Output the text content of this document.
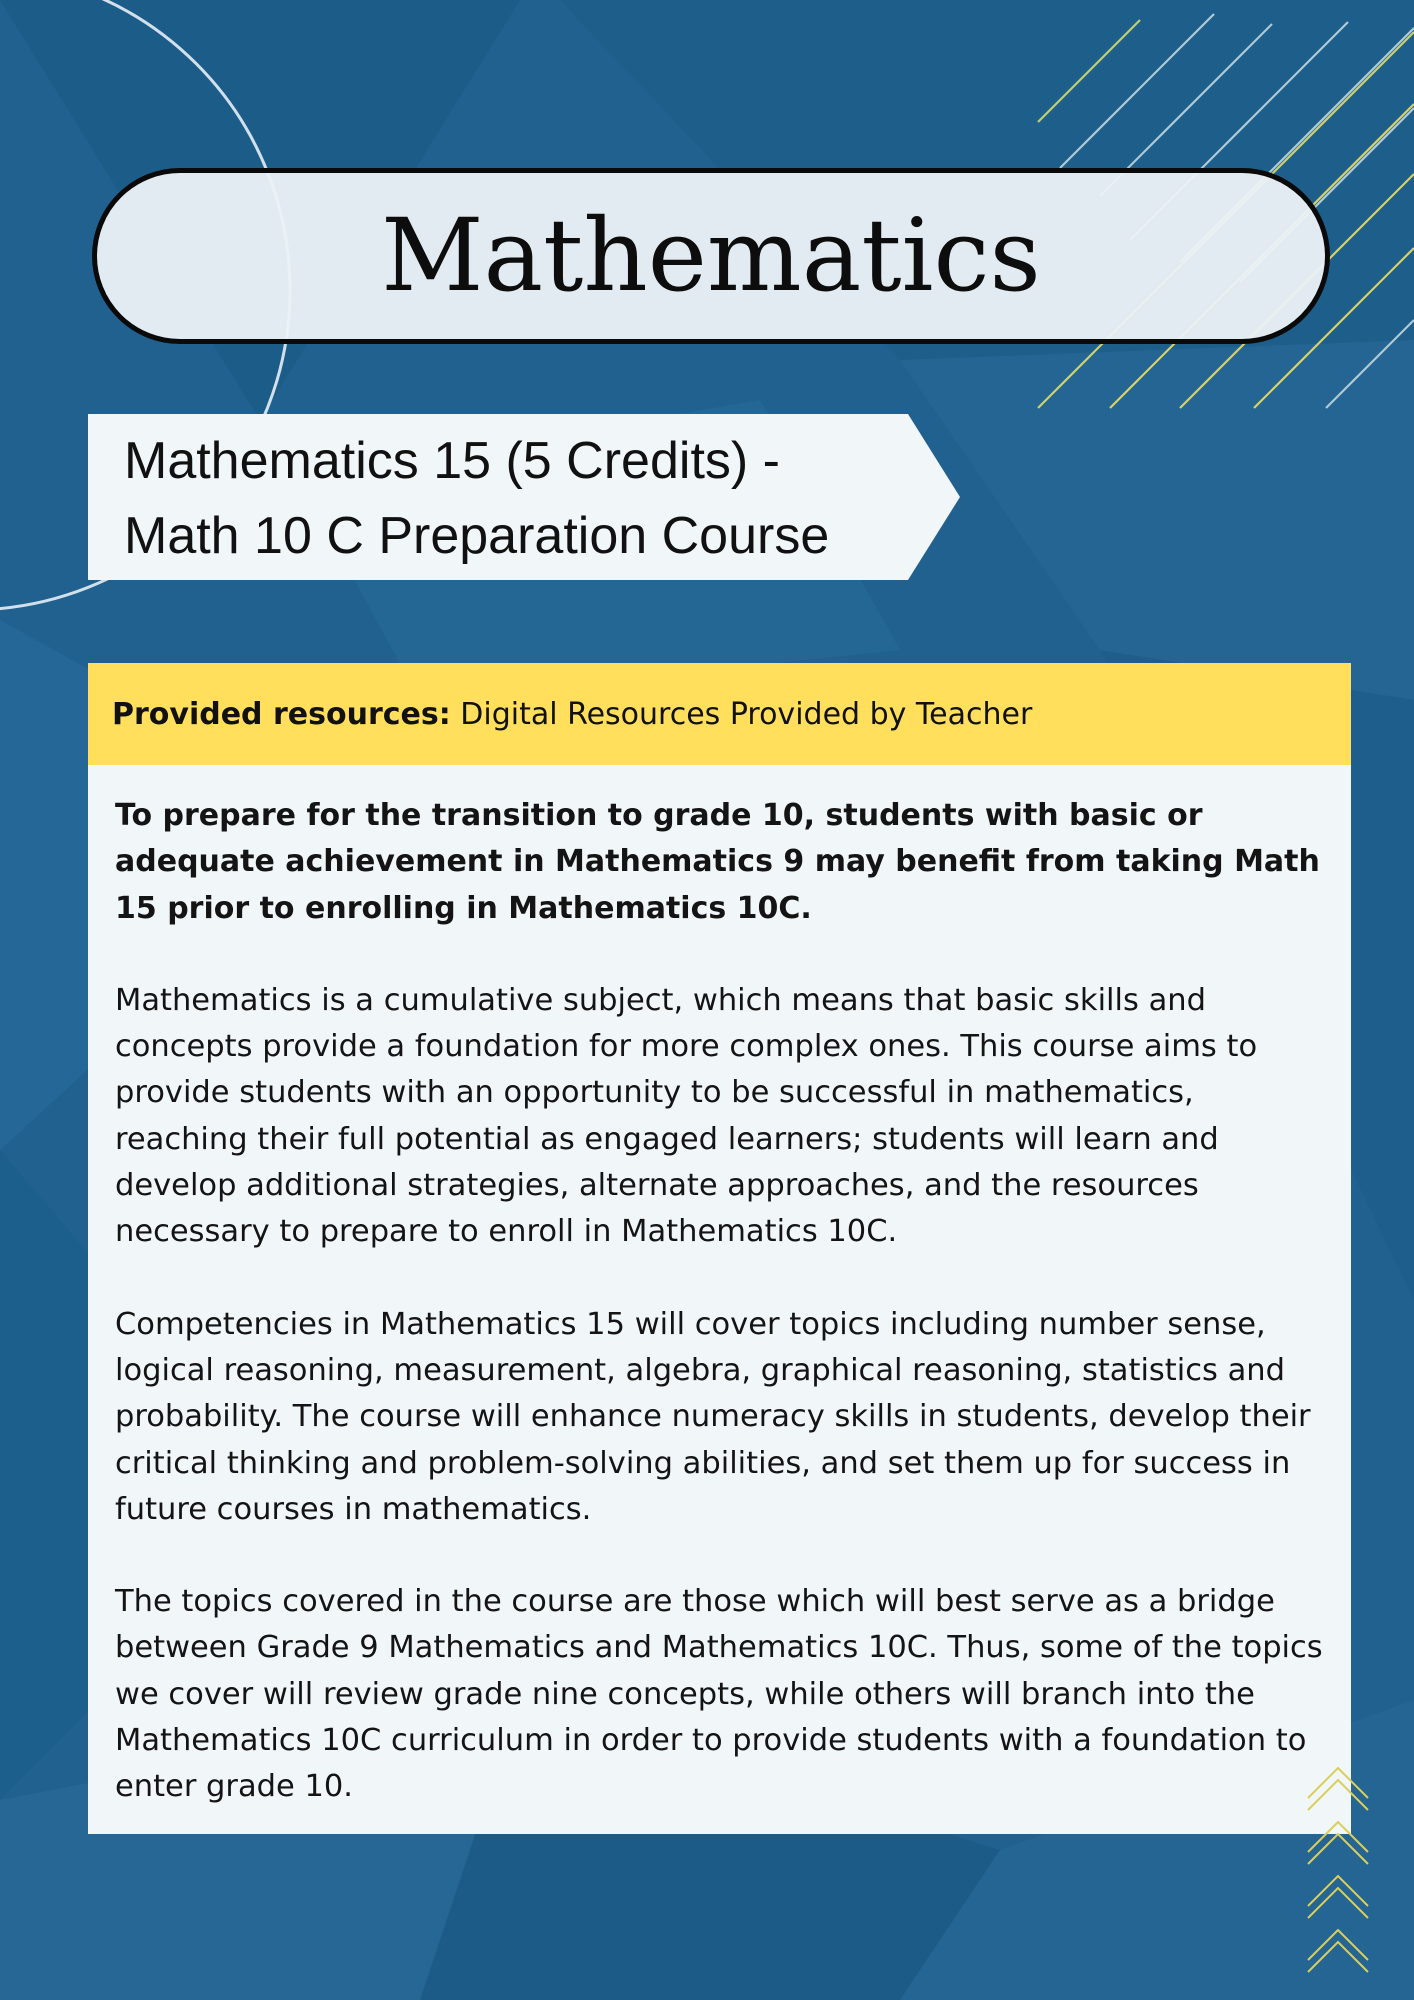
Mathematics
Mathematics 15 (5 Credits) -
Math 10 C Preparation Course
Provided resources:
Digital Resources Provided by Teacher

To prepare for the transition to grade 10, students with basic or adequate achievement in Mathematics 9 may benefit from taking Math 15 prior to enrolling in Mathematics 10C.

Mathematics is a cumulative subject, which means that basic skills and concepts provide a foundation for more complex ones. This course aims to provide students with an opportunity to be successful in mathematics, reaching their full potential as engaged learners; students will learn and develop additional strategies, alternate approaches, and the resources necessary to prepare to enroll in Mathematics 10C.

Competencies in Mathematics 15 will cover topics including number sense, logical reasoning, measurement, algebra, graphical reasoning, statistics and probability. The course will enhance numeracy skills in students, develop their critical thinking and problem-solving abilities, and set them up for success in future courses in mathematics.

The topics covered in the course are those which will best serve as a bridge between Grade 9 Mathematics and Mathematics 10C. Thus, some of the topics we cover will review grade nine concepts, while others will branch into the Mathematics 10C curriculum in order to provide students with a foundation to enter grade 10.
